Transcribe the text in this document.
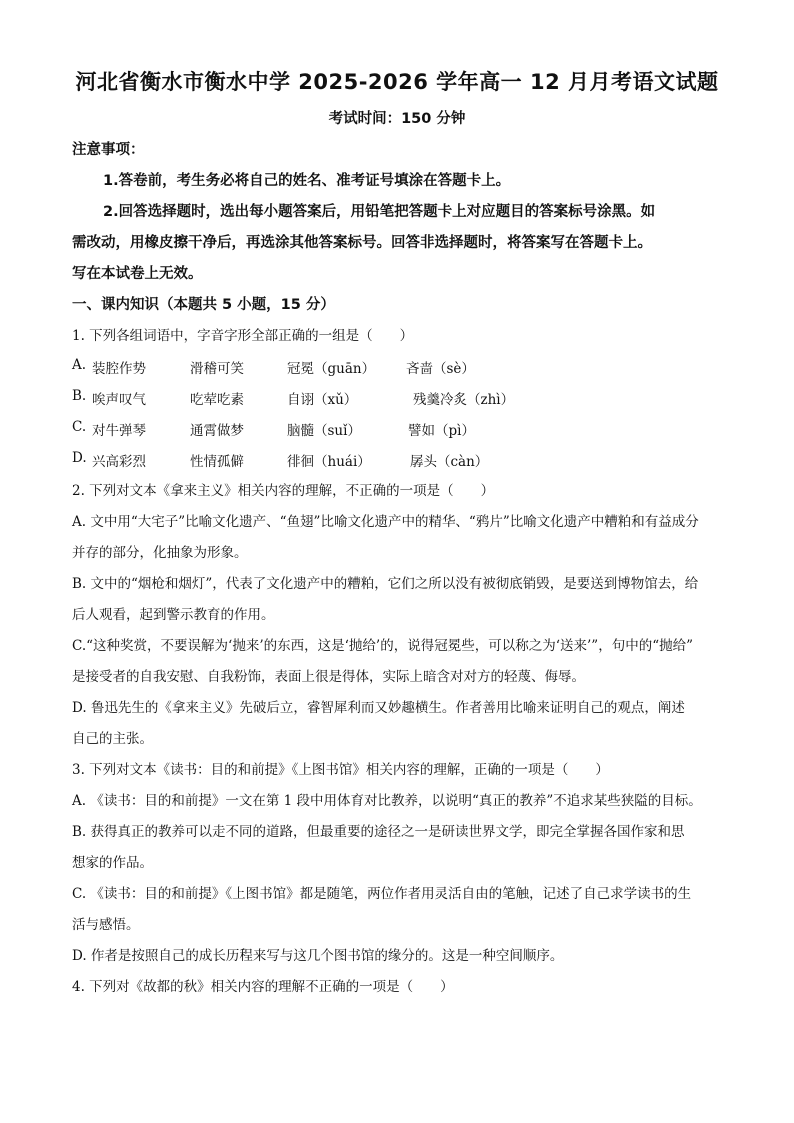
河北省衡水市衡水中学 2025-2026 学年高一 12 月月考语文试题
考试时间：150 分钟
注意事项：
1.答卷前，考生务必将自己的姓名、准考证号填涂在答题卡上。
2.回答选择题时，选出每小题答案后，用铅笔把答题卡上对应题目的答案标号涂黑。如
需改动，用橡皮擦干净后，再选涂其他答案标号。回答非选择题时，将答案写在答题卡上。
写在本试卷上无效。
一、课内知识（本题共 5 小题，15 分）
1. 下列各组词语中，字音字形全部正确的一组是（　　）
A. 装腔作势	滑稽可笑	冠冕（guān） 吝啬（sè）
B. 唉声叹气	吃荤吃素	自诩（xǔ）	残羹冷炙（zhì）
C. 对牛弹琴	通霄做梦	脑髓（suǐ）	譬如（pì）
D. 兴高彩烈	性情孤僻	徘徊（huái）	孱头（càn）
2. 下列对文本《拿来主义》相关内容的理解，不正确的一项是（　　）
A. 文中用“大宅子”比喻文化遗产、“鱼翅”比喻文化遗产中的精华、“鸦片”比喻文化遗产中糟粕和有益成分
并存的部分，化抽象为形象。
B. 文中的“烟枪和烟灯”，代表了文化遗产中的糟粕，它们之所以没有被彻底销毁，是要送到博物馆去，给
后人观看，起到警示教育的作用。
C.“这种奖赏，不要误解为‘抛来’的东西，这是‘抛给’的，说得冠冕些，可以称之为‘送来’”，句中的“抛给”
是接受者的自我安慰、自我粉饰，表面上很是得体，实际上暗含对对方的轻蔑、侮辱。
D. 鲁迅先生的《拿来主义》先破后立，睿智犀利而又妙趣横生。作者善用比喻来证明自己的观点，阐述
自己的主张。
3. 下列对文本《读书：目的和前提》《上图书馆》相关内容的理解，正确的一项是（　　）
A. 《读书：目的和前提》一文在第 1 段中用体育对比教养，以说明“真正的教养”不追求某些狭隘的目标。
B. 获得真正的教养可以走不同的道路，但最重要的途径之一是研读世界文学，即完全掌握各国作家和思
想家的作品。
C. 《读书：目的和前提》《上图书馆》都是随笔，两位作者用灵活自由的笔触，记述了自己求学读书的生
活与感悟。
D. 作者是按照自己的成长历程来写与这几个图书馆的缘分的。这是一种空间顺序。
4. 下列对《故都的秋》相关内容的理解不正确的一项是（　　）
